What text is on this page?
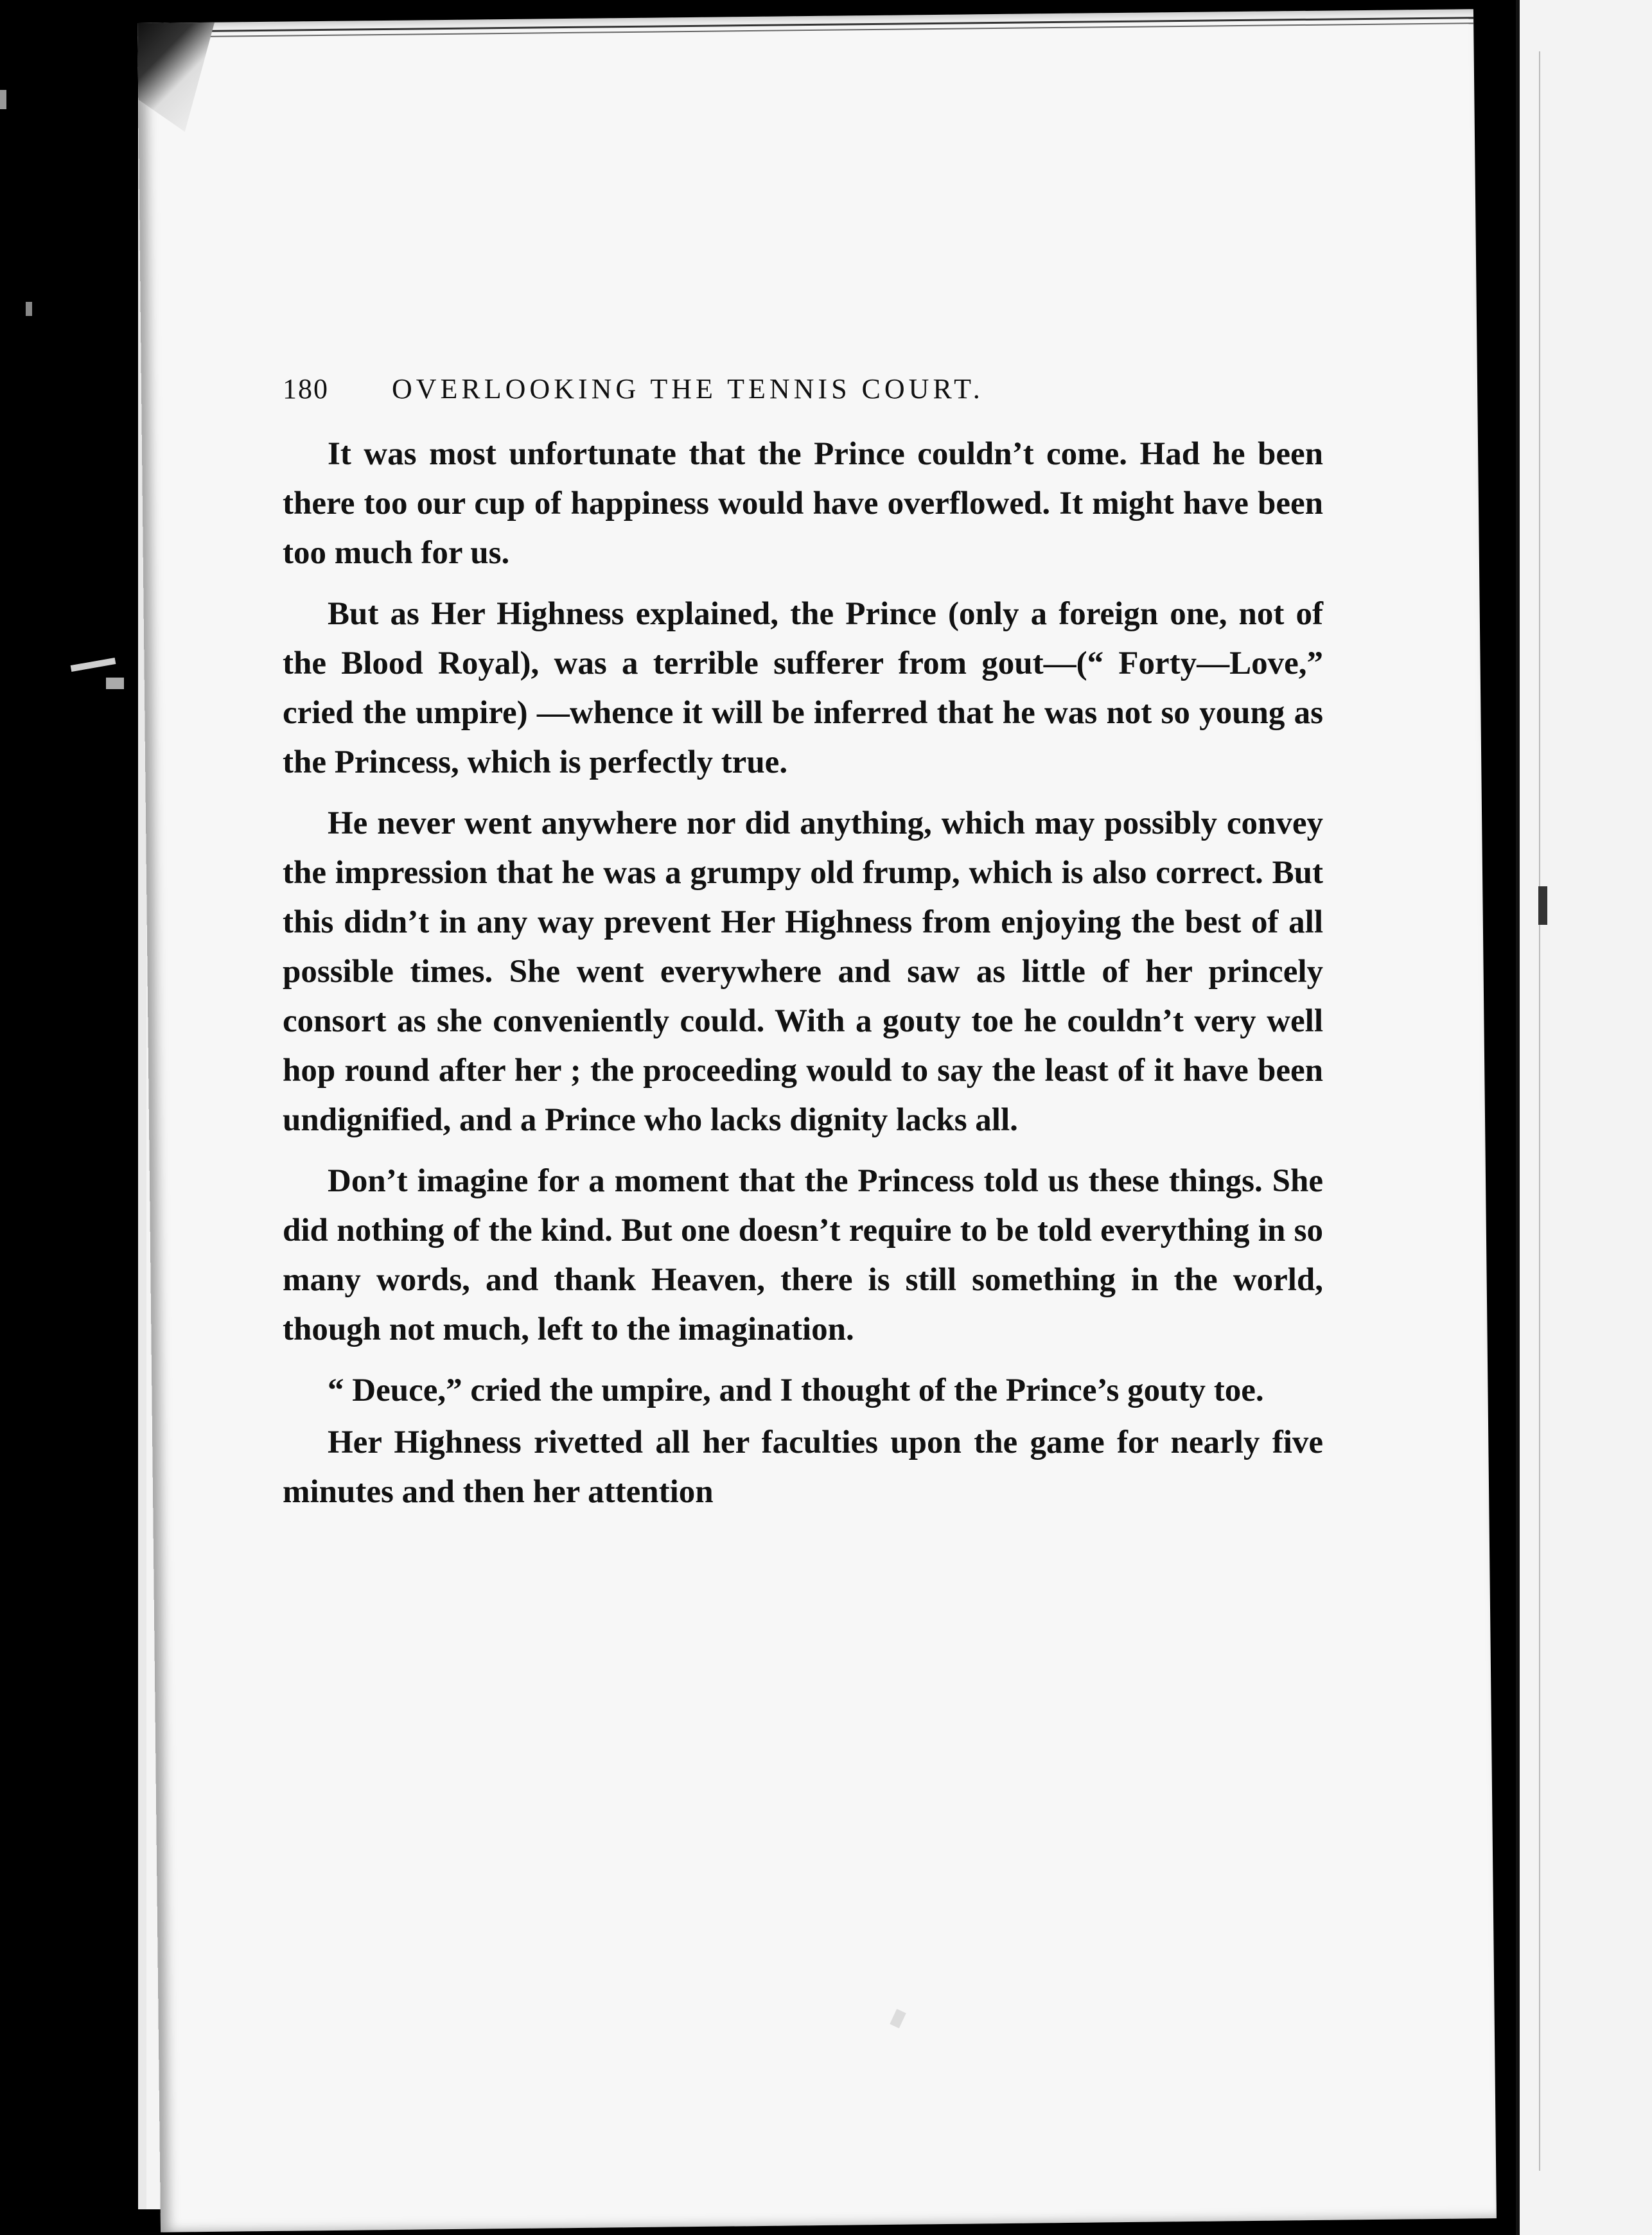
180	OVERLOOKING THE TENNIS COURT.

It was most unfortunate that the Prince couldn’t come. Had he been there too our cup of happiness would have overflowed. It might have been too much for us.

But as Her Highness explained, the Prince (only a foreign one, not of the Blood Royal), was a terrible sufferer from gout—(“ Forty—Love,” cried the umpire) —whence it will be inferred that he was not so young as the Princess, which is perfectly true.

He never went anywhere nor did anything, which may possibly convey the impression that he was a grumpy old frump, which is also correct. But this didn’t in any way prevent Her Highness from enjoying the best of all possible times. She went everywhere and saw as little of her princely consort as she conveniently could. With a gouty toe he couldn’t very well hop round after her ; the proceeding would to say the least of it have been undignified, and a Prince who lacks dignity lacks all.

Don’t imagine for a moment that the Princess told us these things. She did nothing of the kind. But one doesn’t require to be told everything in so many words, and thank Heaven, there is still something in the world, though not much, left to the imagination.

“ Deuce,” cried the umpire, and I thought of the Prince’s gouty toe.

Her Highness rivetted all her faculties upon the game for nearly five minutes and then her attention
